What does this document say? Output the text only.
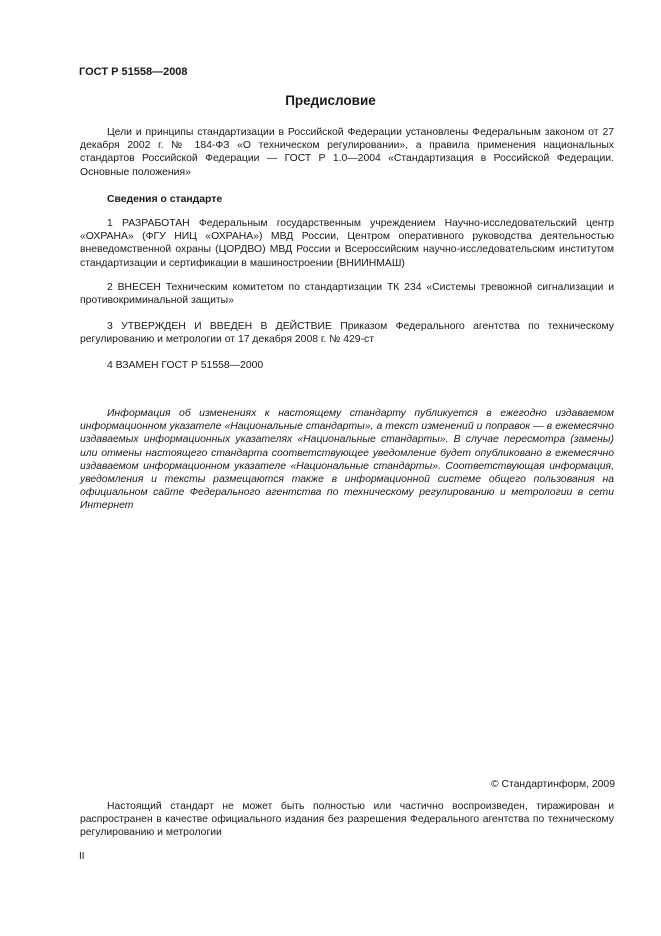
ГОСТ Р 51558—2008
Предисловие
Цели и принципы стандартизации в Российской Федерации установлены Федеральным законом от 27 декабря 2002 г. № 184-ФЗ «О техническом регулировании», а правила применения национальных стандартов Российской Федерации — ГОСТ Р 1.0—2004 «Стандартизация в Российской Федерации. Основные положения»
Сведения о стандарте
1 РАЗРАБОТАН Федеральным государственным учреждением Научно-исследовательский центр «ОХРАНА» (ФГУ НИЦ «ОХРАНА») МВД России, Центром оперативного руководства деятельностью вневедомственной охраны (ЦОРДВО) МВД России и Всероссийским научно-исследовательским институтом стандартизации и сертификации в машиностроении (ВНИИНМАШ)
2 ВНЕСЕН Техническим комитетом по стандартизации ТК 234 «Системы тревожной сигнализации и противокриминальной защиты»
3 УТВЕРЖДЕН И ВВЕДЕН В ДЕЙСТВИЕ Приказом Федерального агентства по техническому регулированию и метрологии от 17 декабря 2008 г. № 429-ст
4 ВЗАМЕН ГОСТ Р 51558—2000
Информация об изменениях к настоящему стандарту публикуется в ежегодно издаваемом информационном указателе «Национальные стандарты», а текст изменений и поправок — в ежемесячно издаваемых информационных указателях «Национальные стандарты». В случае пересмотра (замены) или отмены настоящего стандарта соответствующее уведомление будет опубликовано в ежемесячно издаваемом информационном указателе «Национальные стандарты». Соответствующая информация, уведомления и тексты размещаются также в информационной системе общего пользования на официальном сайте Федерального агентства по техническому регулированию и метрологии в сети Интернет
© Стандартинформ, 2009
Настоящий стандарт не может быть полностью или частично воспроизведен, тиражирован и распространен в качестве официального издания без разрешения Федерального агентства по техническому регулированию и метрологии
II
